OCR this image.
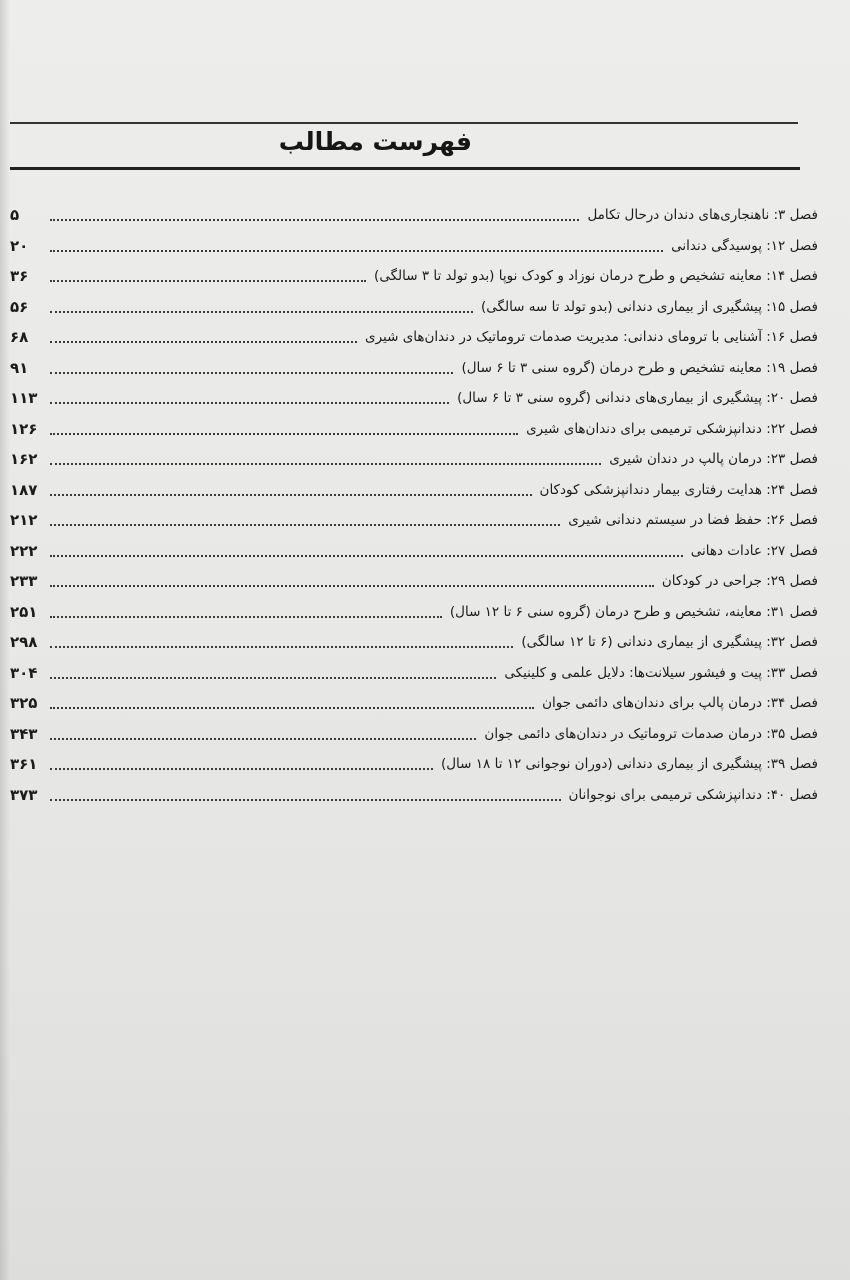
فهرست مطالب
۵	فصل ۳: ناهنجاری‌های دندان درحال تکامل
۲۰	فصل ۱۲: پوسیدگی دندانی
۳۶	فصل ۱۴: معاینه تشخیص و طرح درمان نوزاد و کودک نوپا (بدو تولد تا ۳ سالگی)
۵۶	فصل ۱۵: پیشگیری از بیماری دندانی (بدو تولد تا سه سالگی)
۶۸	فصل ۱۶: آشنایی با ترومای دندانی: مدیریت صدمات تروماتیک در دندان‌های شیری
۹۱	فصل ۱۹: معاینه تشخیص و طرح درمان (گروه سنی ۳ تا ۶ سال)
۱۱۳	فصل ۲۰: پیشگیری از بیماری‌های دندانی (گروه سنی ۳ تا ۶ سال)
۱۲۶	فصل ۲۲: دندانپزشکی ترمیمی برای دندان‌های شیری
۱۶۲	فصل ۲۳: درمان پالپ در دندان شیری
۱۸۷	فصل ۲۴: هدایت رفتاری بیمار دندانپزشکی کودکان
۲۱۲	فصل ۲۶: حفظ فضا در سیستم دندانی شیری
۲۲۲	فصل ۲۷: عادات دهانی
۲۳۳	فصل ۲۹: جراحی در کودکان
۲۵۱	فصل ۳۱: معاینه، تشخیص و طرح درمان (گروه سنی ۶ تا ۱۲ سال)
۲۹۸	فصل ۳۲: پیشگیری از بیماری دندانی (۶ تا ۱۲ سالگی)
۳۰۴	فصل ۳۳: پیت و فیشور سیلانت‌ها: دلایل علمی و کلینیکی
۳۲۵	فصل ۳۴: درمان پالپ برای دندان‌های دائمی جوان
۳۴۳	فصل ۳۵: درمان صدمات تروماتیک در دندان‌های دائمی جوان
۳۶۱	فصل ۳۹: پیشگیری از بیماری دندانی (دوران نوجوانی ۱۲ تا ۱۸ سال)
۳۷۳	فصل ۴۰: دندانپزشکی ترمیمی برای نوجوانان
